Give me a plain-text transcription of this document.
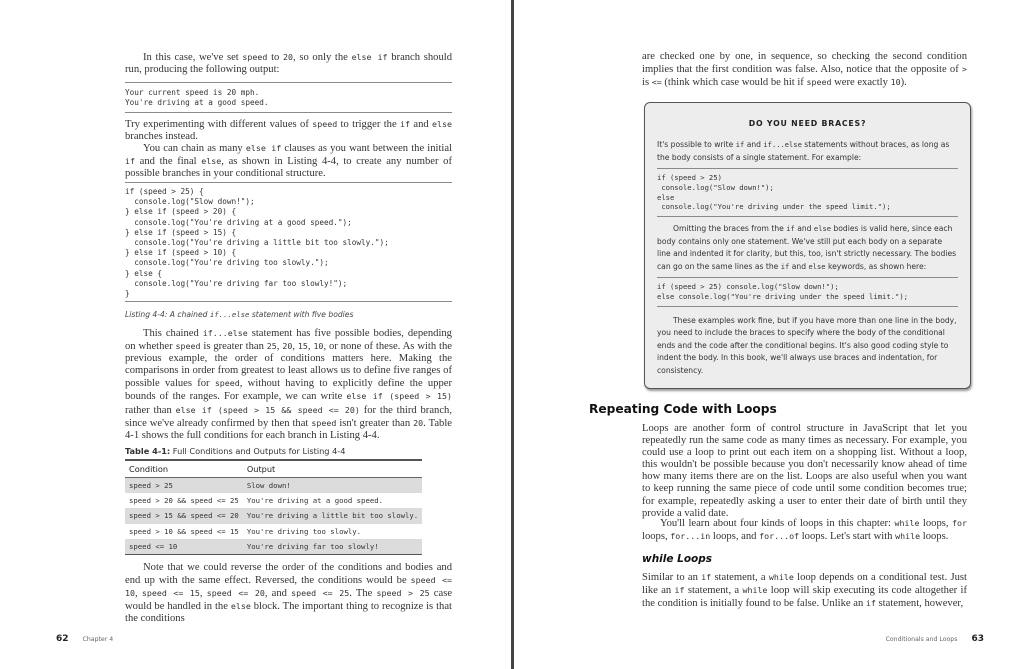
In this case, we've set speed to 20, so only the else if branch should run, producing the following output:

Your current speed is 20 mph.
You're driving at a good speed.

Try experimenting with different values of speed to trigger the if and else branches instead.

You can chain as many else if clauses as you want between the initial if and the final else, as shown in Listing 4-4, to create any number of possible branches in your conditional structure.

if (speed > 25) {
console.log("Slow down!");
} else if (speed > 20) {
console.log("You're driving at a good speed.");
} else if (speed > 15) {
console.log("You're driving a little bit too slowly.");
} else if (speed > 10) {
console.log("You're driving too slowly.");
} else {
console.log("You're driving far too slowly!");
}
Listing 4-4: A chained if...else statement with five bodies

This chained if...else statement has five possible bodies, depending on whether speed is greater than 25, 20, 15, 10, or none of these. As with the previous example, the order of conditions matters here. Making the comparisons in order from greatest to least allows us to define five ranges of possible values for speed, without having to explicitly define the upper bounds of the ranges. For example, we can write else if (speed > 15) rather than else if (speed > 15 && speed <= 20) for the third branch, since we've already confirmed by then that speed isn't greater than 20. Table 4-1 shows the full conditions for each branch in Listing 4-4.

Table 4-1: Full Conditions and Outputs for Listing 4-4
Condition	Output
speed > 25	Slow down!
speed > 20 && speed <= 25	You're driving at a good speed.
speed > 15 && speed <= 20	You're driving a little bit too slowly.
speed > 10 && speed <= 15	You're driving too slowly.
speed <= 10	You're driving far too slowly!

Note that we could reverse the order of the conditions and bodies and end up with the same effect. Reversed, the conditions would be speed <= 10, speed <= 15, speed <= 20, and speed <= 25. The speed > 25 case would be handled in the else block. The important thing to recognize is that the conditions

62 Chapter 4

are checked one by one, in sequence, so checking the second condition implies that the first condition was false. Also, notice that the opposite of > is <= (think which case would be hit if speed were exactly 10).

DO YOU NEED BRACES?

It's possible to write if and if...else statements without braces, as long as the body consists of a single statement. For example:

if (speed > 25)
console.log("Slow down!");
else
console.log("You're driving under the speed limit.");

Omitting the braces from the if and else bodies is valid here, since each body contains only one statement. We've still put each body on a separate line and indented it for clarity, but this, too, isn't strictly necessary. The bodies can go on the same lines as the if and else keywords, as shown here:

if (speed > 25) console.log("Slow down!");
else console.log("You're driving under the speed limit.");

These examples work fine, but if you have more than one line in the body, you need to include the braces to specify where the body of the conditional ends and the code after the conditional begins. It's also good coding style to indent the body. In this book, we'll always use braces and indentation, for consistency.

Repeating Code with Loops

Loops are another form of control structure in JavaScript that let you repeatedly run the same code as many times as necessary. For example, you could use a loop to print out each item on a shopping list. Without a loop, this wouldn't be possible because you don't necessarily know ahead of time how many items there are on the list. Loops are also useful when you want to keep running the same piece of code until some condition becomes true; for example, repeatedly asking a user to enter their date of birth until they provide a valid date.

You'll learn about four kinds of loops in this chapter: while loops, for loops, for...in loops, and for...of loops. Let's start with while loops.

while Loops

Similar to an if statement, a while loop depends on a conditional test. Just like an if statement, a while loop will skip executing its code altogether if the condition is initially found to be false. Unlike an if statement, however,

Conditionals and Loops 63
